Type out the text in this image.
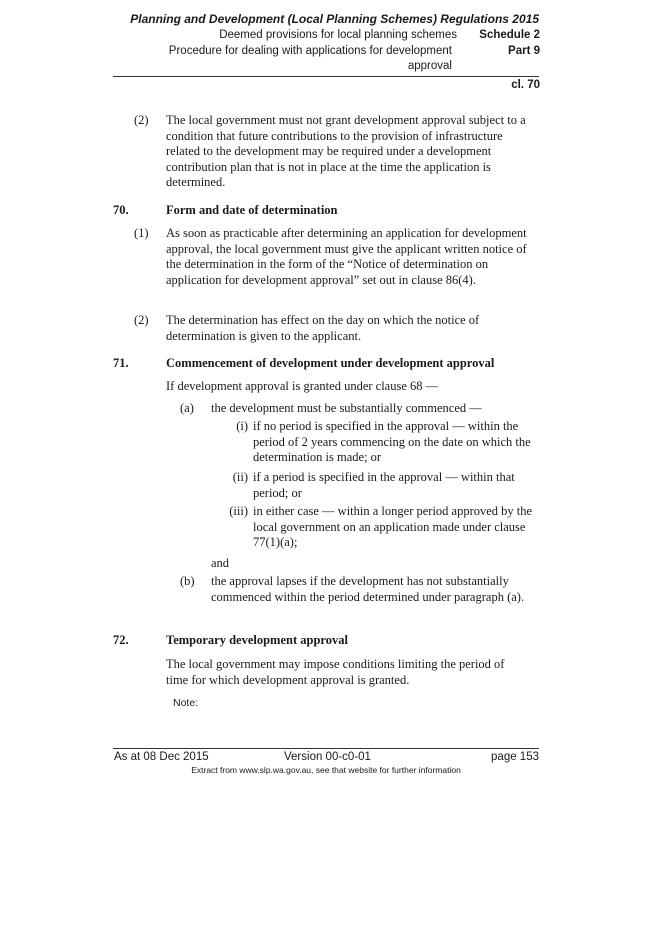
Planning and Development (Local Planning Schemes) Regulations 2015
Deemed provisions for local planning schemes	Schedule 2
Procedure for dealing with applications for development
approval
Part 9
cl. 70
(2) The local government must not grant development approval subject to a condition that future contributions to the provision of infrastructure related to the development may be required under a development contribution plan that is not in place at the time the application is determined.
70.	Form and date of determination
(1) As soon as practicable after determining an application for development approval, the local government must give the applicant written notice of the determination in the form of the “Notice of determination on application for development approval” set out in clause 86(4).
(2) The determination has effect on the day on which the notice of determination is given to the applicant.
71.	Commencement of development under development approval
If development approval is granted under clause 68 —
(a) the development must be substantially commenced —
(i) if no period is specified in the approval — within the period of 2 years commencing on the date on which the determination is made; or
(ii) if a period is specified in the approval — within that period; or
(iii) in either case — within a longer period approved by the local government on an application made under clause 77(1)(a);
and
(b) the approval lapses if the development has not substantially commenced within the period determined under paragraph (a).
72.	Temporary development approval
The local government may impose conditions limiting the period of time for which development approval is granted.
Note:
As at 08 Dec 2015	Version 00-c0-01	page 153
Extract from www.slp.wa.gov.au, see that website for further information
